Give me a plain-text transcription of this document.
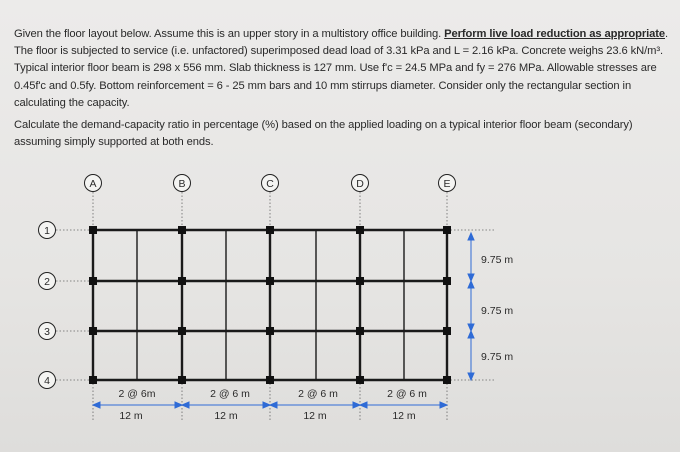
Given the floor layout below. Assume this is an upper story in a multistory office building. Perform live load reduction as appropriate.

The floor is subjected to service (i.e. unfactored) superimposed dead load of 3.31 kPa and L = 2.16 kPa. Concrete weighs 23.6 kN/m³.

Typical interior floor beam is 298 x 556 mm. Slab thickness is 127 mm. Use f'c = 24.5 MPa and fy = 276 MPa. Allowable stresses are

0.45f'c and 0.5fy. Bottom reinforcement = 6 - 25 mm bars and 10 mm stirrups diameter. Consider only the rectangular section in

calculating the capacity.

Calculate the demand-capacity ratio in percentage (%) based on the applied loading on a typical interior floor beam (secondary)

assuming simply supported at both ends.

A	B	C	D	E
1
2
3
4
9.75 m
9.75 m
9.75 m
2 @ 6m	2 @ 6 m	2 @ 6 m	2 @ 6 m
12 m	12 m	12 m	12 m
